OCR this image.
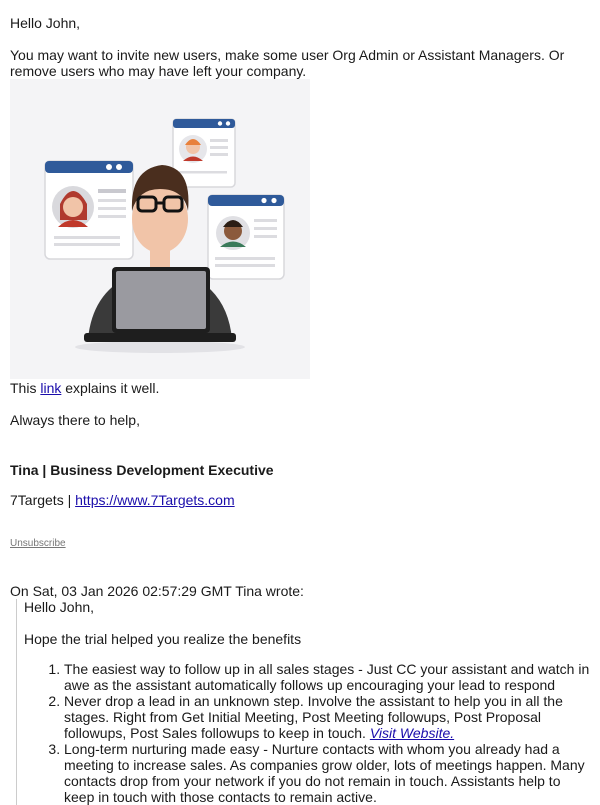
Hello John,

You may want to invite new users, make some user Org Admin or Assistant Managers. Or remove users who may have left your company.

This link explains it well.

Always there to help,

Tina | Business Development Executive

7Targets | https://www.7Targets.com

Unsubscribe

On Sat, 03 Jan 2026 02:57:29 GMT Tina wrote:

Hello John,

Hope the trial helped you realize the benefits

1. The easiest way to follow up in all sales stages - Just CC your assistant and watch in awe as the assistant automatically follows up encouraging your lead to respond
2. Never drop a lead in an unknown step. Involve the assistant to help you in all the stages. Right from Get Initial Meeting, Post Meeting followups, Post Proposal followups, Post Sales followups to keep in touch. Visit Website.
3. Long-term nurturing made easy - Nurture contacts with whom you already had a meeting to increase sales. As companies grow older, lots of meetings happen. Many contacts drop from your network if you do not remain in touch. Assistants help to keep in touch with those contacts to remain active.
